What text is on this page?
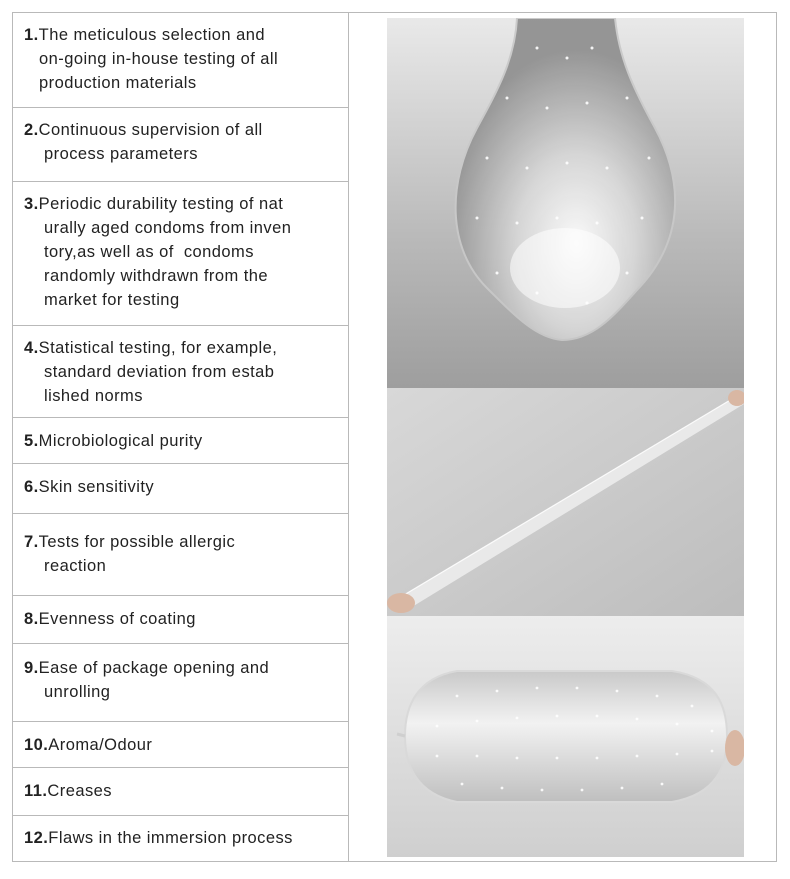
1. The meticulous selection and
on-going in-house testing of all
production materials
2.Continuous supervision of all
process parameters
3.Periodic durability testing of nat
urally aged condoms from inven
tory,as well as of  condoms
randomly withdrawn from the
market for testing
4.Statistical testing, for example,
standard deviation from estab
lished norms
5.Microbiological purity
6.Skin sensitivity
7.Tests for possible allergic
reaction
8.Evenness of coating
9.Ease of package opening and
unrolling
10.Aroma/Odour
11.Creases
12.Flaws in the immersion process
